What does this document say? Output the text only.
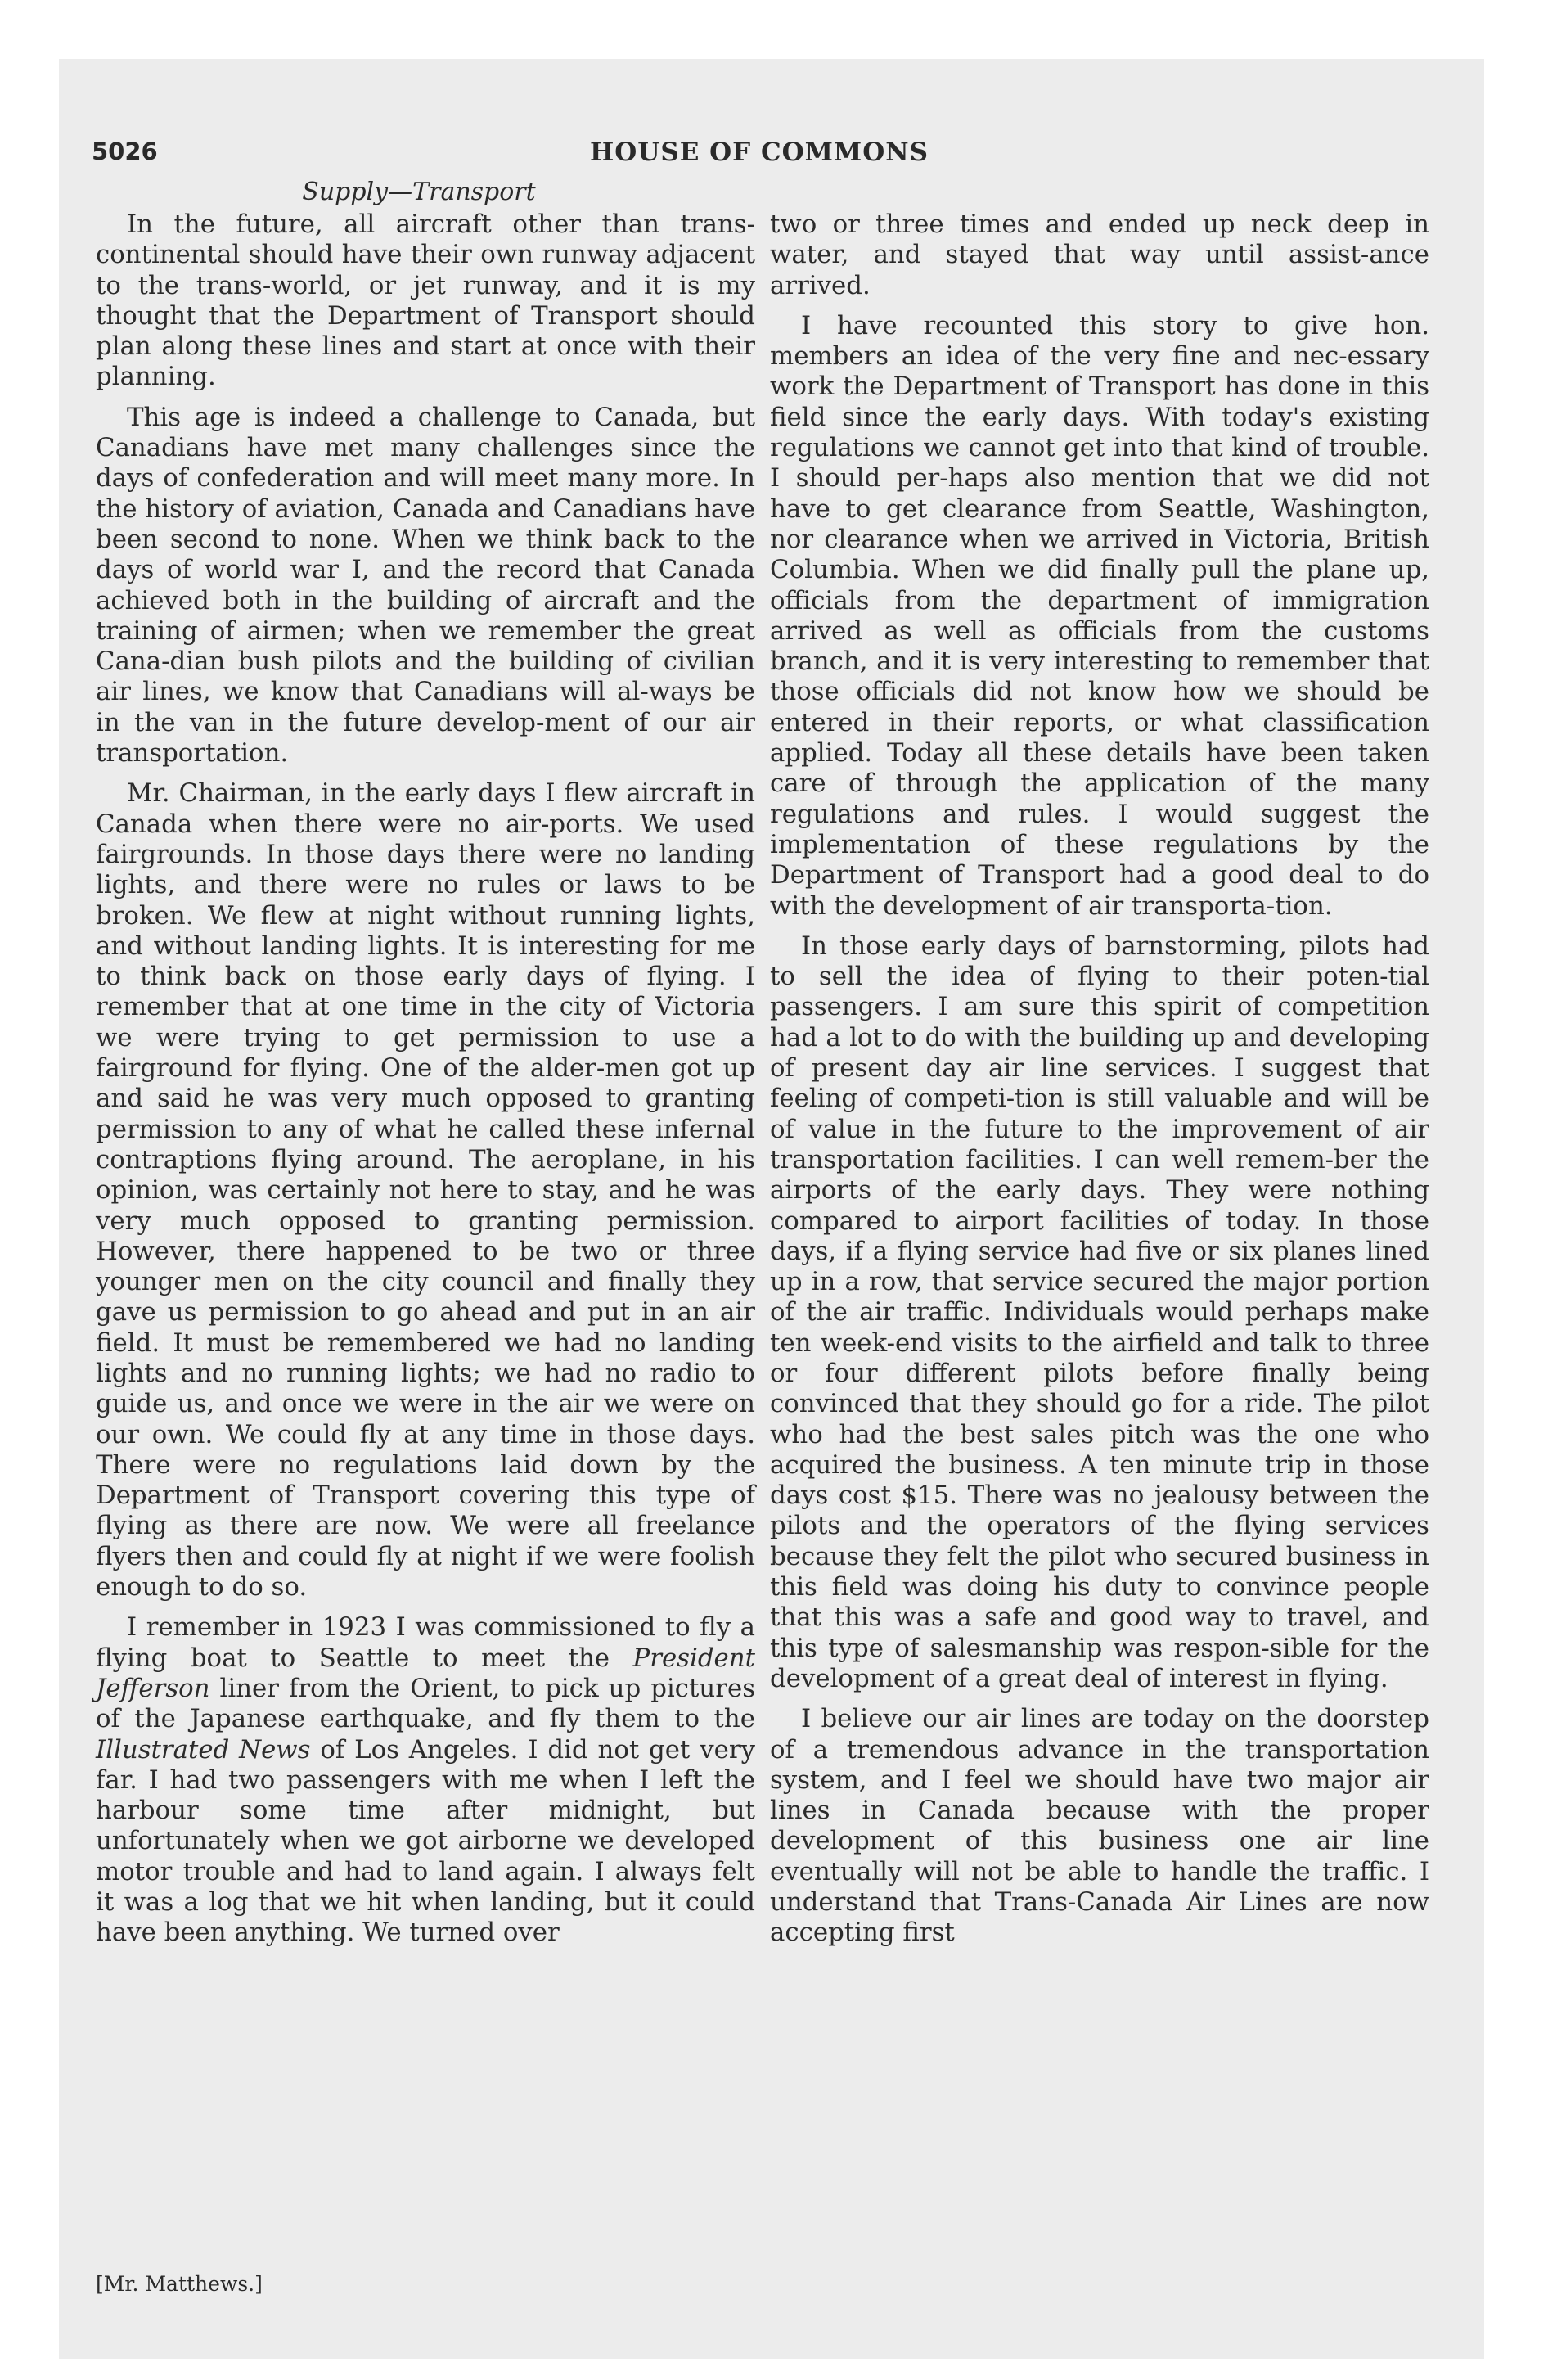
5026	HOUSE OF COMMONS
Supply—Transport

In the future, all aircraft other than trans-continental should have their own runway adjacent to the trans-world, or jet runway, and it is my thought that the Department of Transport should plan along these lines and start at once with their planning.

This age is indeed a challenge to Canada, but Canadians have met many challenges since the days of confederation and will meet many more. In the history of aviation, Canada and Canadians have been second to none. When we think back to the days of world war I, and the record that Canada achieved both in the building of aircraft and the training of airmen; when we remember the great Cana-dian bush pilots and the building of civilian air lines, we know that Canadians will al-ways be in the van in the future develop-ment of our air transportation.

Mr. Chairman, in the early days I flew aircraft in Canada when there were no air-ports. We used fairgrounds. In those days there were no landing lights, and there were no rules or laws to be broken. We flew at night without running lights, and without landing lights. It is interesting for me to think back on those early days of flying. I remember that at one time in the city of Victoria we were trying to get permission to use a fairground for flying. One of the alder-men got up and said he was very much opposed to granting permission to any of what he called these infernal contraptions flying around. The aeroplane, in his opinion, was certainly not here to stay, and he was very much opposed to granting permission. However, there happened to be two or three younger men on the city council and finally they gave us permission to go ahead and put in an air field. It must be remembered we had no landing lights and no running lights; we had no radio to guide us, and once we were in the air we were on our own. We could fly at any time in those days. There were no regulations laid down by the Department of Transport covering this type of flying as there are now. We were all freelance flyers then and could fly at night if we were foolish enough to do so.

I remember in 1923 I was commissioned to fly a flying boat to Seattle to meet the President Jefferson liner from the Orient, to pick up pictures of the Japanese earthquake, and fly them to the Illustrated News of Los Angeles. I did not get very far. I had two passengers with me when I left the harbour some time after midnight, but unfortunately when we got airborne we developed motor trouble and had to land again. I always felt it was a log that we hit when landing, but it could have been anything. We turned over

two or three times and ended up neck deep in water, and stayed that way until assist-ance arrived.

I have recounted this story to give hon. members an idea of the very fine and nec-essary work the Department of Transport has done in this field since the early days. With today's existing regulations we cannot get into that kind of trouble. I should per-haps also mention that we did not have to get clearance from Seattle, Washington, nor clearance when we arrived in Victoria, British Columbia. When we did finally pull the plane up, officials from the department of immigration arrived as well as officials from the customs branch, and it is very interesting to remember that those officials did not know how we should be entered in their reports, or what classification applied. Today all these details have been taken care of through the application of the many regulations and rules. I would suggest the implementation of these regulations by the Department of Transport had a good deal to do with the development of air transporta-tion.

In those early days of barnstorming, pilots had to sell the idea of flying to their poten-tial passengers. I am sure this spirit of competition had a lot to do with the building up and developing of present day air line services. I suggest that feeling of competi-tion is still valuable and will be of value in the future to the improvement of air transportation facilities. I can well remem-ber the airports of the early days. They were nothing compared to airport facilities of today. In those days, if a flying service had five or six planes lined up in a row, that service secured the major portion of the air traffic. Individuals would perhaps make ten week-end visits to the airfield and talk to three or four different pilots before finally being convinced that they should go for a ride. The pilot who had the best sales pitch was the one who acquired the business. A ten minute trip in those days cost $15. There was no jealousy between the pilots and the operators of the flying services because they felt the pilot who secured business in this field was doing his duty to convince people that this was a safe and good way to travel, and this type of salesmanship was respon-sible for the development of a great deal of interest in flying.

I believe our air lines are today on the doorstep of a tremendous advance in the transportation system, and I feel we should have two major air lines in Canada because with the proper development of this business one air line eventually will not be able to handle the traffic. I understand that Trans-Canada Air Lines are now accepting first

[Mr. Matthews.]
